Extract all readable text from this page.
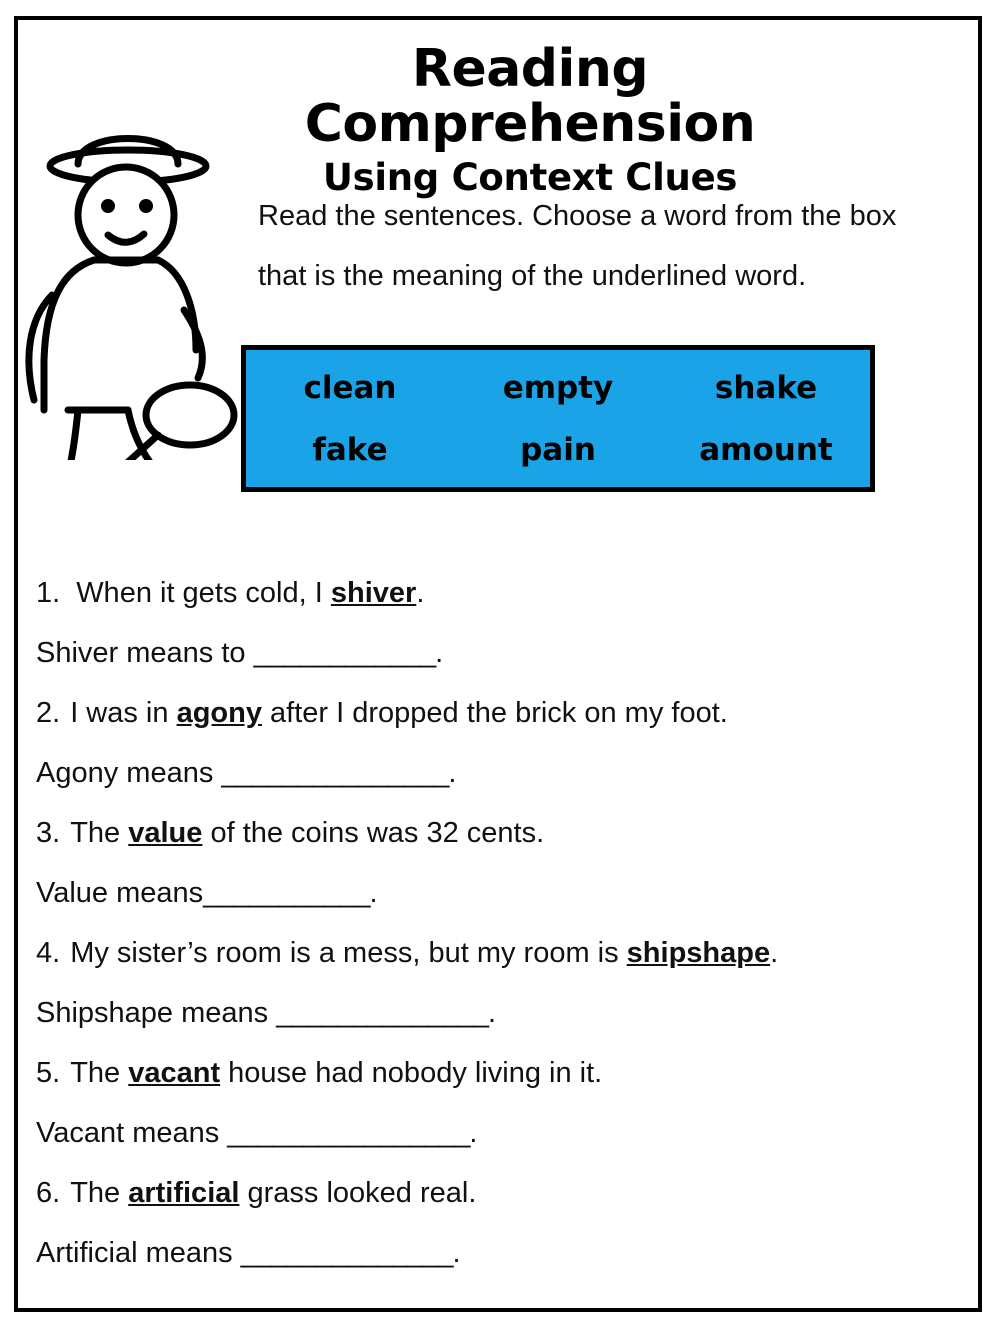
Reading Comprehension
Using Context Clues
Read the sentences. Choose a word from the box that is the meaning of the underlined word.
clean	empty	shake
fake	pain	amount
1. When it gets cold, I shiver.
Shiver means to ____________.
2. I was in agony after I dropped the brick on my foot.
Agony means _______________.
3. The value of the coins was 32 cents.
Value means___________.
4. My sister’s room is a mess, but my room is shipshape.
Shipshape means ______________.
5. The vacant house had nobody living in it.
Vacant means ________________.
6. The artificial grass looked real.
Artificial means ______________.
